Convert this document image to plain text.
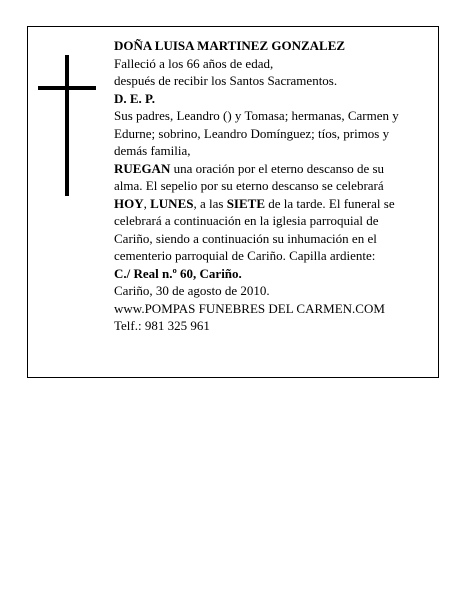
DOÑA LUISA MARTINEZ GONZALEZ
Falleció a los 66 años de edad,
después de recibir los Santos Sacramentos.
D. E. P.
Sus padres, Leandro () y Tomasa; hermanas, Carmen y
Edurne; sobrino, Leandro Domínguez; tíos, primos y
demás familia,
RUEGAN una oración por el eterno descanso de su
alma. El sepelio por su eterno descanso se celebrará
HOY, LUNES, a las SIETE de la tarde. El funeral se
celebrará a continuación en la iglesia parroquial de
Cariño, siendo a continuación su inhumación en el
cementerio parroquial de Cariño. Capilla ardiente:
C./ Real n.º 60, Cariño.
Cariño, 30 de agosto de 2010.
www.POMPAS FUNEBRES DEL CARMEN.COM
Telf.: 981 325 961
